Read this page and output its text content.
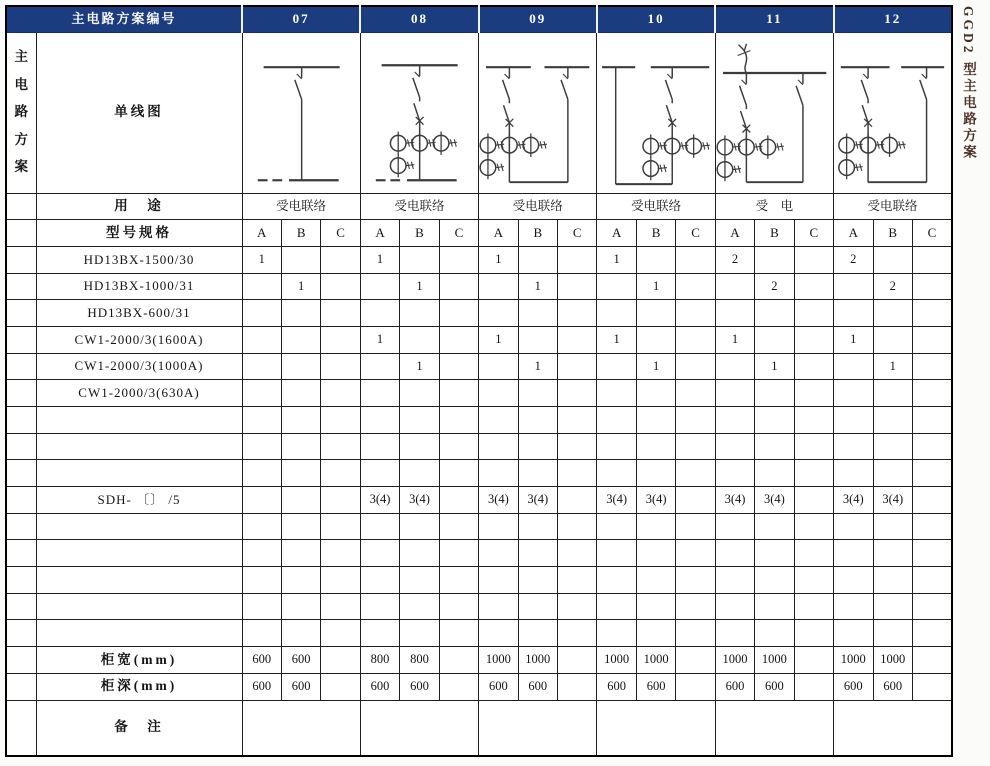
主电路方案编号		07			08			09			10			11			12		

主
电
路
方
案	单线图	

	用　途	受电联络			受电联络			受电联络			受电联络			受　电			受电联络		
	型号规格	A	B	C	A	B	C	A	B	C	A	B	C	A	B	C	A	B	C
	HD13BX-1500/30	1			1			1			1			2			2		
	HD13BX-1000/31		1			1			1			1			2			2	
	HD13BX-600/31																		
	CW1-2000/3(1600A)				1			1			1			1			1		
	CW1-2000/3(1000A)					1			1			1			1			1	
	CW1-2000/3(630A)																		

	SDH- 〔〕 /5				3(4)	3(4)		3(4)	3(4)		3(4)	3(4)		3(4)	3(4)		3(4)	3(4)	

	柜宽(mm)	600	600		800	800		1000	1000		1000	1000		1000	1000		1000	1000	
	柜深(mm)	600	600		600	600		600	600		600	600		600	600		600	600	
	备　注																		
GGD2 型主电路方案
